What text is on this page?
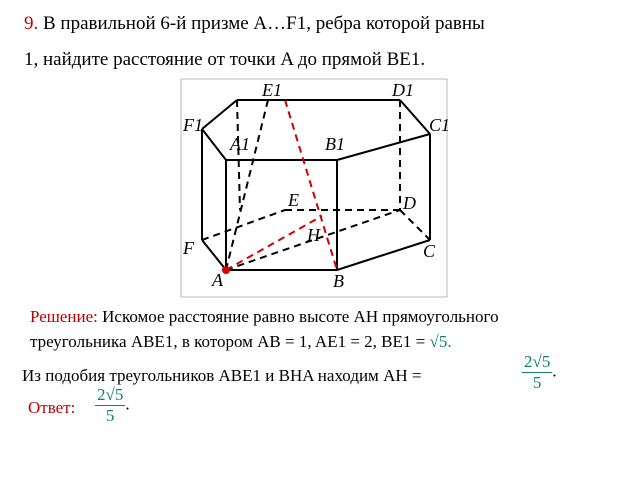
9. В правильной 6-й призме A…F1, ребра которой равны
1, найдите расстояние от точки A до прямой BE1.
E1	D1
F1	C1
A1	B1
E	D
H
F	C
A	B
Решение: Искомое расстояние равно высоте AH прямоугольного
треугольника ABE1, в котором AB = 1, AE1 = 2, BE1 = √5.
Из подобия треугольников ABE1 и BHA находим AH =	$\frac{2√5}{5}$ .
Ответ: $\frac{2√5}{5}$ .
